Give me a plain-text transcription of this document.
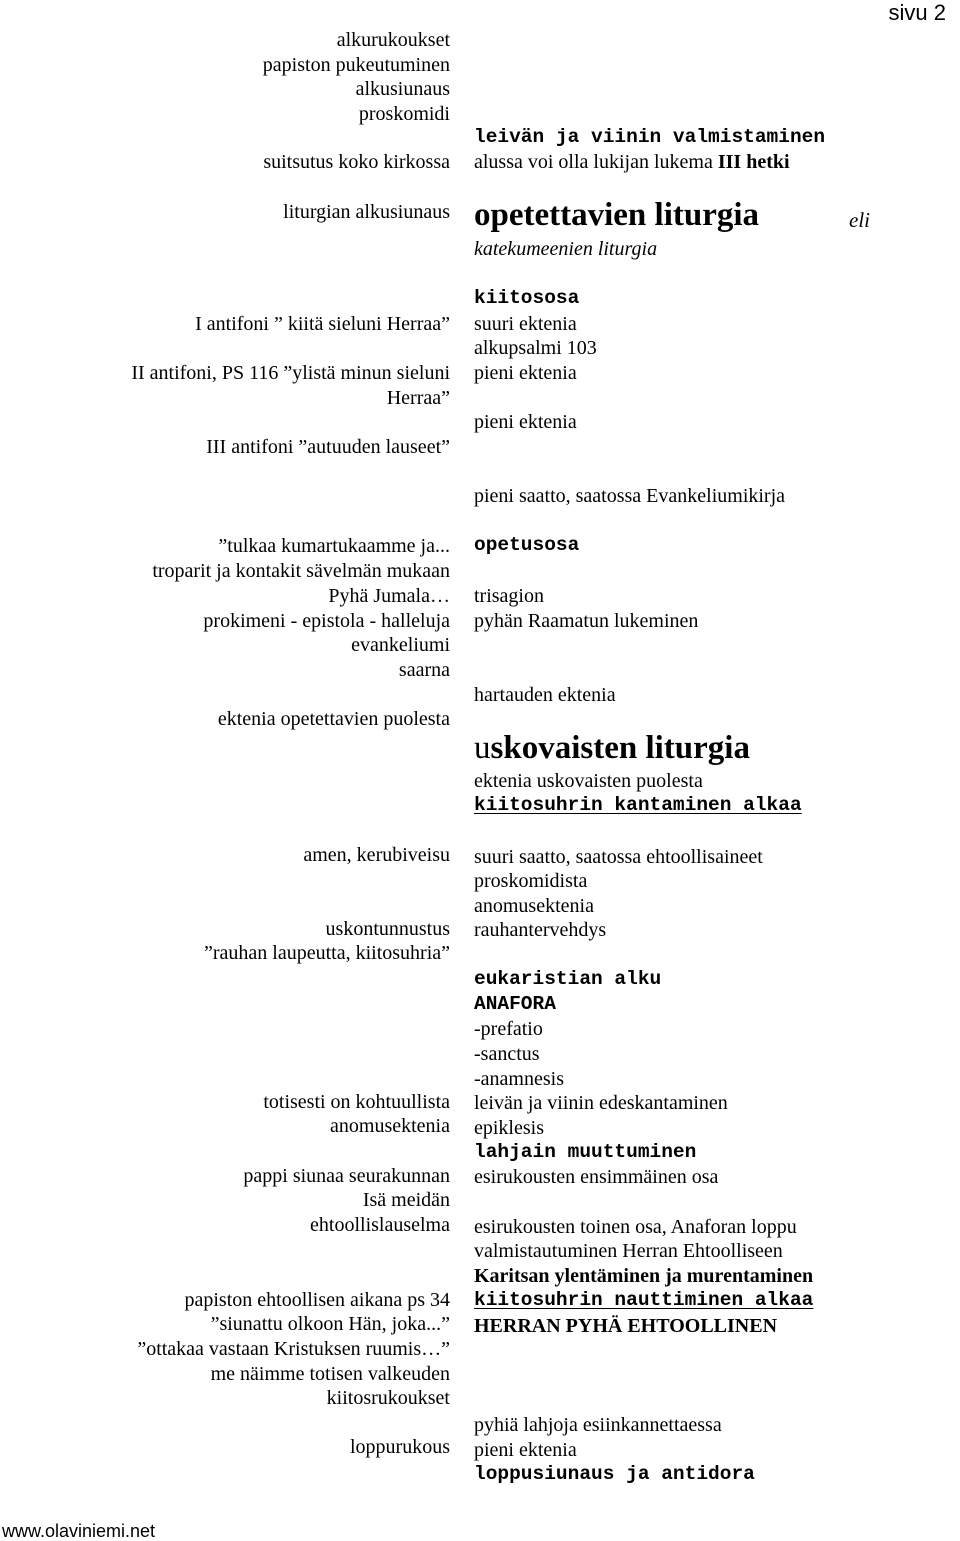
sivu 2
www.olaviniemi.net
alkurukoukset
papiston pukeutuminen
alkusiunaus
proskomidi
suitsutus koko kirkossa
liturgian alkusiunaus
I antifoni ” kiitä sieluni Herraa”
II antifoni, PS 116 ”ylistä minun sieluni
Herraa”
III antifoni ”autuuden lauseet”
”tulkaa kumartukaamme ja...
troparit ja kontakit sävelmän mukaan
Pyhä Jumala…
prokimeni - epistola - halleluja
evankeliumi
saarna
ektenia opetettavien puolesta
amen, kerubiveisu
uskontunnustus
”rauhan laupeutta, kiitosuhria”
totisesti on kohtuullista
anomusektenia
pappi siunaa seurakunnan
Isä meidän
ehtoollislauselma
papiston ehtoollisen aikana ps 34
”siunattu olkoon Hän, joka...”
”ottakaa vastaan Kristuksen ruumis…”
me näimme totisen valkeuden
kiitosrukoukset
loppurukous
leivän ja viinin valmistaminen
alussa voi olla lukijan lukema III hetki
opetettavien liturgia	eli
katekumeenien liturgia
kiitososa
suuri ektenia
alkupsalmi 103
pieni ektenia
pieni ektenia
pieni saatto, saatossa Evankeliumikirja
opetusosa
trisagion
pyhän Raamatun lukeminen
hartauden ektenia
uskovaisten liturgia
ektenia uskovaisten puolesta
kiitosuhrin kantaminen alkaa
suuri saatto, saatossa ehtoollisaineet
proskomidista
anomusektenia
rauhantervehdys
eukaristian alku
ANAFORA
-prefatio
-sanctus
-anamnesis
leivän ja viinin edeskantaminen
epiklesis
lahjain muuttuminen
esirukousten ensimmäinen osa
esirukousten toinen osa, Anaforan loppu
valmistautuminen Herran Ehtoolliseen
Karitsan ylentäminen ja murentaminen
kiitosuhrin nauttiminen alkaa
HERRAN PYHÄ EHTOOLLINEN
pyhiä lahjoja esiinkannettaessa
pieni ektenia
loppusiunaus ja antidora
